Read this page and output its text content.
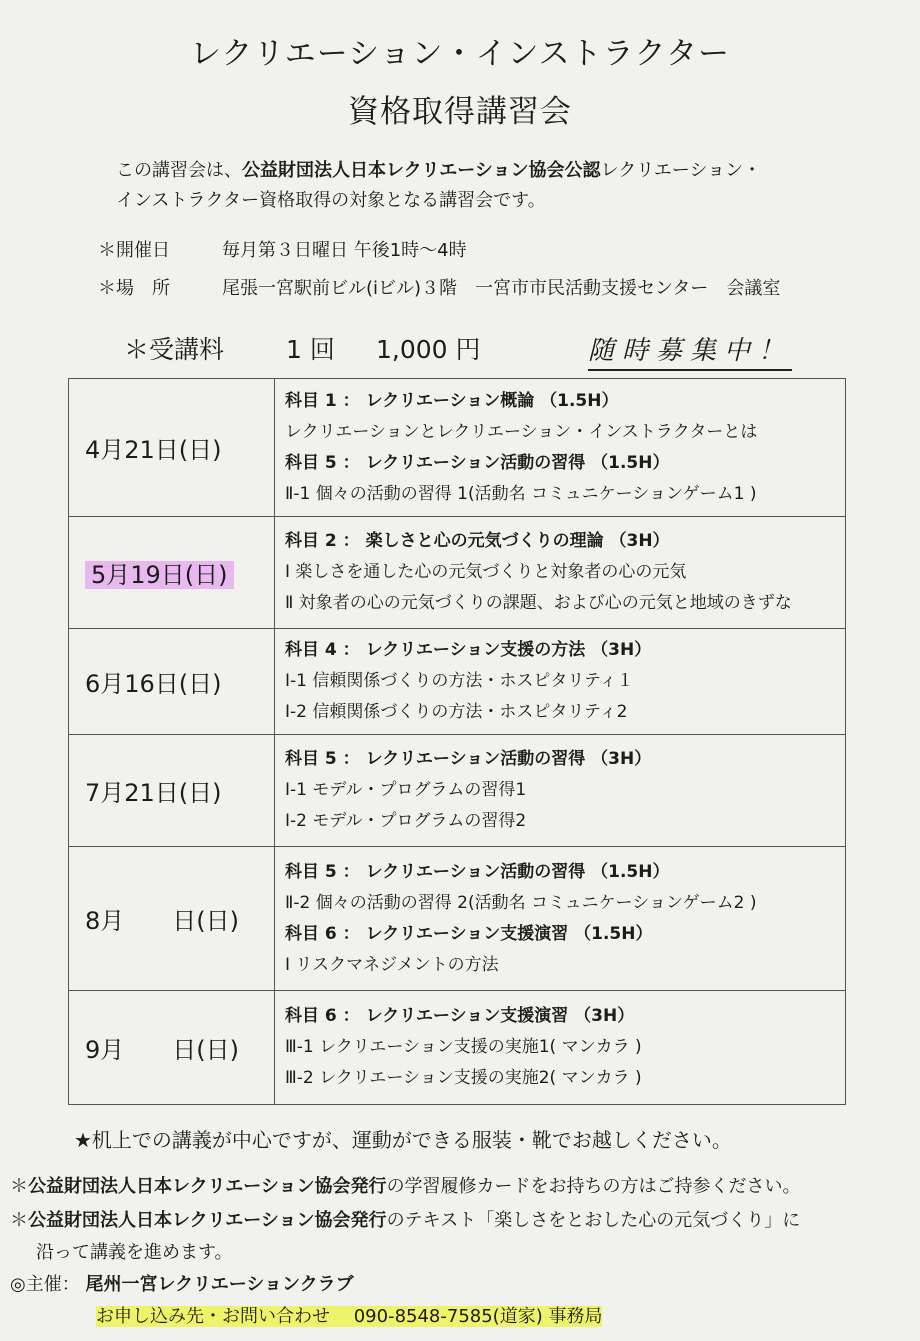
レクリエーション・インストラクター
資格取得講習会
この講習会は、公益財団法人日本レクリエーション協会公認レクリエーション・
インストラクター資格取得の対象となる講習会です。
＊開催日	毎月第３日曜日 午後1時～4時
＊場　所	尾張一宮駅前ビル(iビル)３階　一宮市市民活動支援センター　会議室
＊受講料 1 回 1,000 円	随時募集中！
4月21日(日)	科目 1 ： レクリエーション概論 （1.5H）
レクリエーションとレクリエーション・インストラクターとは
科目 5 ： レクリエーション活動の習得 （1.5H）
Ⅱ-1 個々の活動の習得 1(活動名 コミュニケーションゲーム1 )

5月19日(日)	科目 2 ： 楽しさと心の元気づくりの理論 （3H）
Ⅰ 楽しさを通した心の元気づくりと対象者の心の元気
Ⅱ 対象者の心の元気づくりの課題、および心の元気と地域のきずな

6月16日(日)	科目 4 ： レクリエーション支援の方法 （3H）
Ⅰ-1 信頼関係づくりの方法・ホスピタリティ１
Ⅰ-2 信頼関係づくりの方法・ホスピタリティ2

7月21日(日)	科目 5 ： レクリエーション活動の習得 （3H）
Ⅰ-1 モデル・プログラムの習得1
Ⅰ-2 モデル・プログラムの習得2

8月　　日(日)	科目 5 ： レクリエーション活動の習得 （1.5H）
Ⅱ-2 個々の活動の習得 2(活動名 コミュニケーションゲーム2 )
科目 6 ： レクリエーション支援演習 （1.5H）
Ⅰ リスクマネジメントの方法

9月　　日(日)	科目 6 ： レクリエーション支援演習 （3H）
Ⅲ-1 レクリエーション支援の実施1( マンカラ )
Ⅲ-2 レクリエーション支援の実施2( マンカラ )
★机上での講義が中心ですが、運動ができる服装・靴でお越しください。
＊公益財団法人日本レクリエーション協会発行の学習履修カードをお持ちの方はご持参ください。
＊公益財団法人日本レクリエーション協会発行のテキスト「楽しさをとおした心の元気づくり」に
沿って講義を進めます。
◎主催： 尾州一宮レクリエーションクラブ
お申し込み先・お問い合わせ　 090-8548-7585(道家) 事務局
